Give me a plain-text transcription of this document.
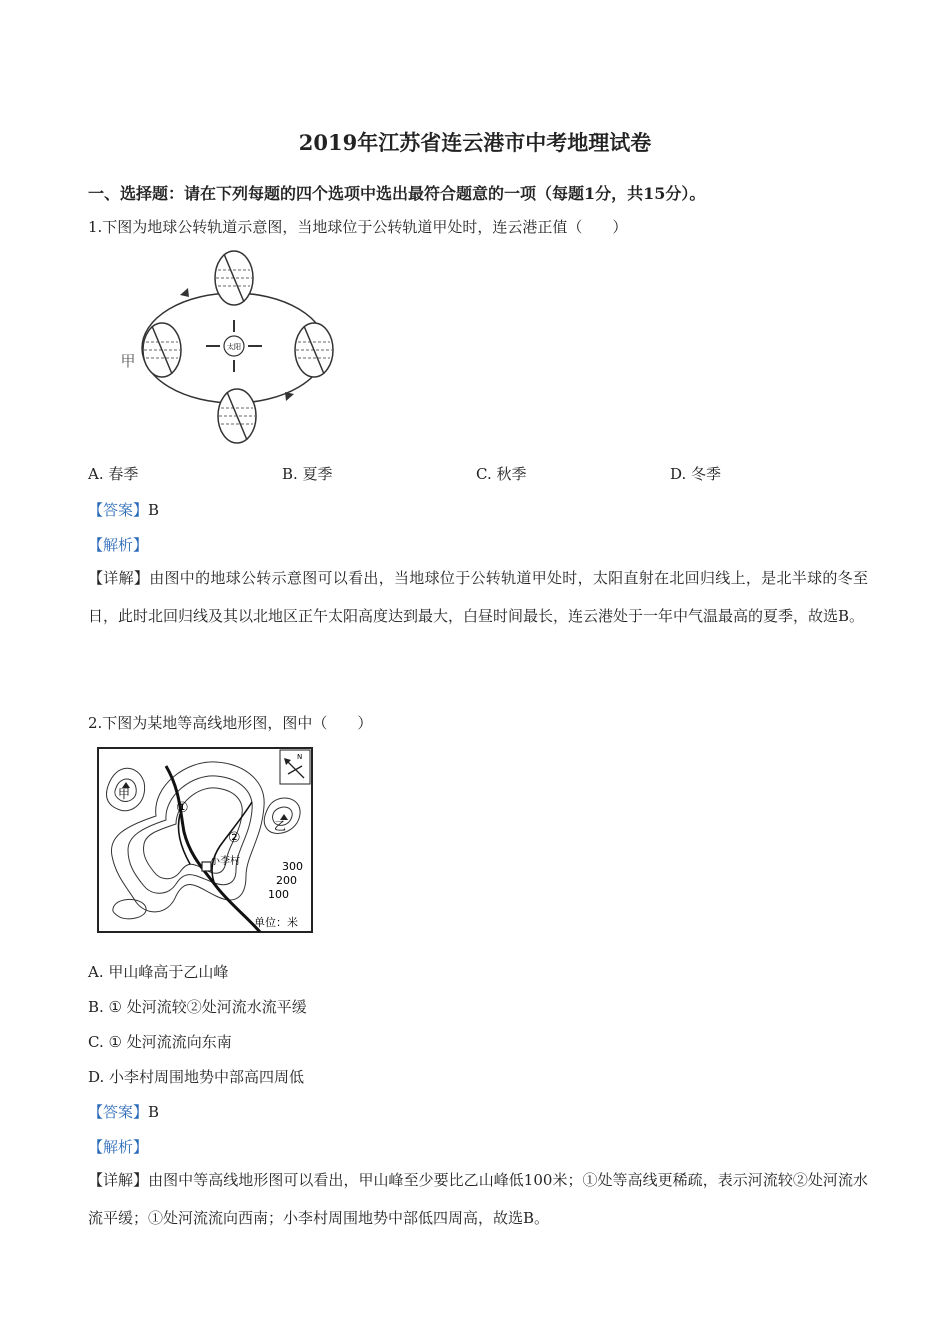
2019年江苏省连云港市中考地理试卷
一、选择题：请在下列每题的四个选项中选出最符合题意的一项（每题1分，共15分）。
1.下图为地球公转轨道示意图，当地球位于公转轨道甲处时，连云港正值（　　）
太阳
甲
A. 春季	B. 夏季	C. 秋季	D. 冬季
【答案】B
【解析】
【详解】由图中的地球公转示意图可以看出，当地球位于公转轨道甲处时，太阳直射在北回归线上，是北半球的冬至日，此时北回归线及其以北地区正午太阳高度达到最大，白昼时间最长，连云港处于一年中气温最高的夏季，故选B。
2.下图为某地等高线地形图，图中（　　）
N
甲
乙
①
②
小李村	300
200
100
单位：米
A. 甲山峰高于乙山峰
B. ① 处河流较②处河流水流平缓
C. ① 处河流流向东南
D. 小李村周围地势中部高四周低
【答案】B
【解析】
【详解】由图中等高线地形图可以看出，甲山峰至少要比乙山峰低100米；①处等高线更稀疏，表示河流较②处河流水流平缓；①处河流流向西南；小李村周围地势中部低四周高，故选B。
